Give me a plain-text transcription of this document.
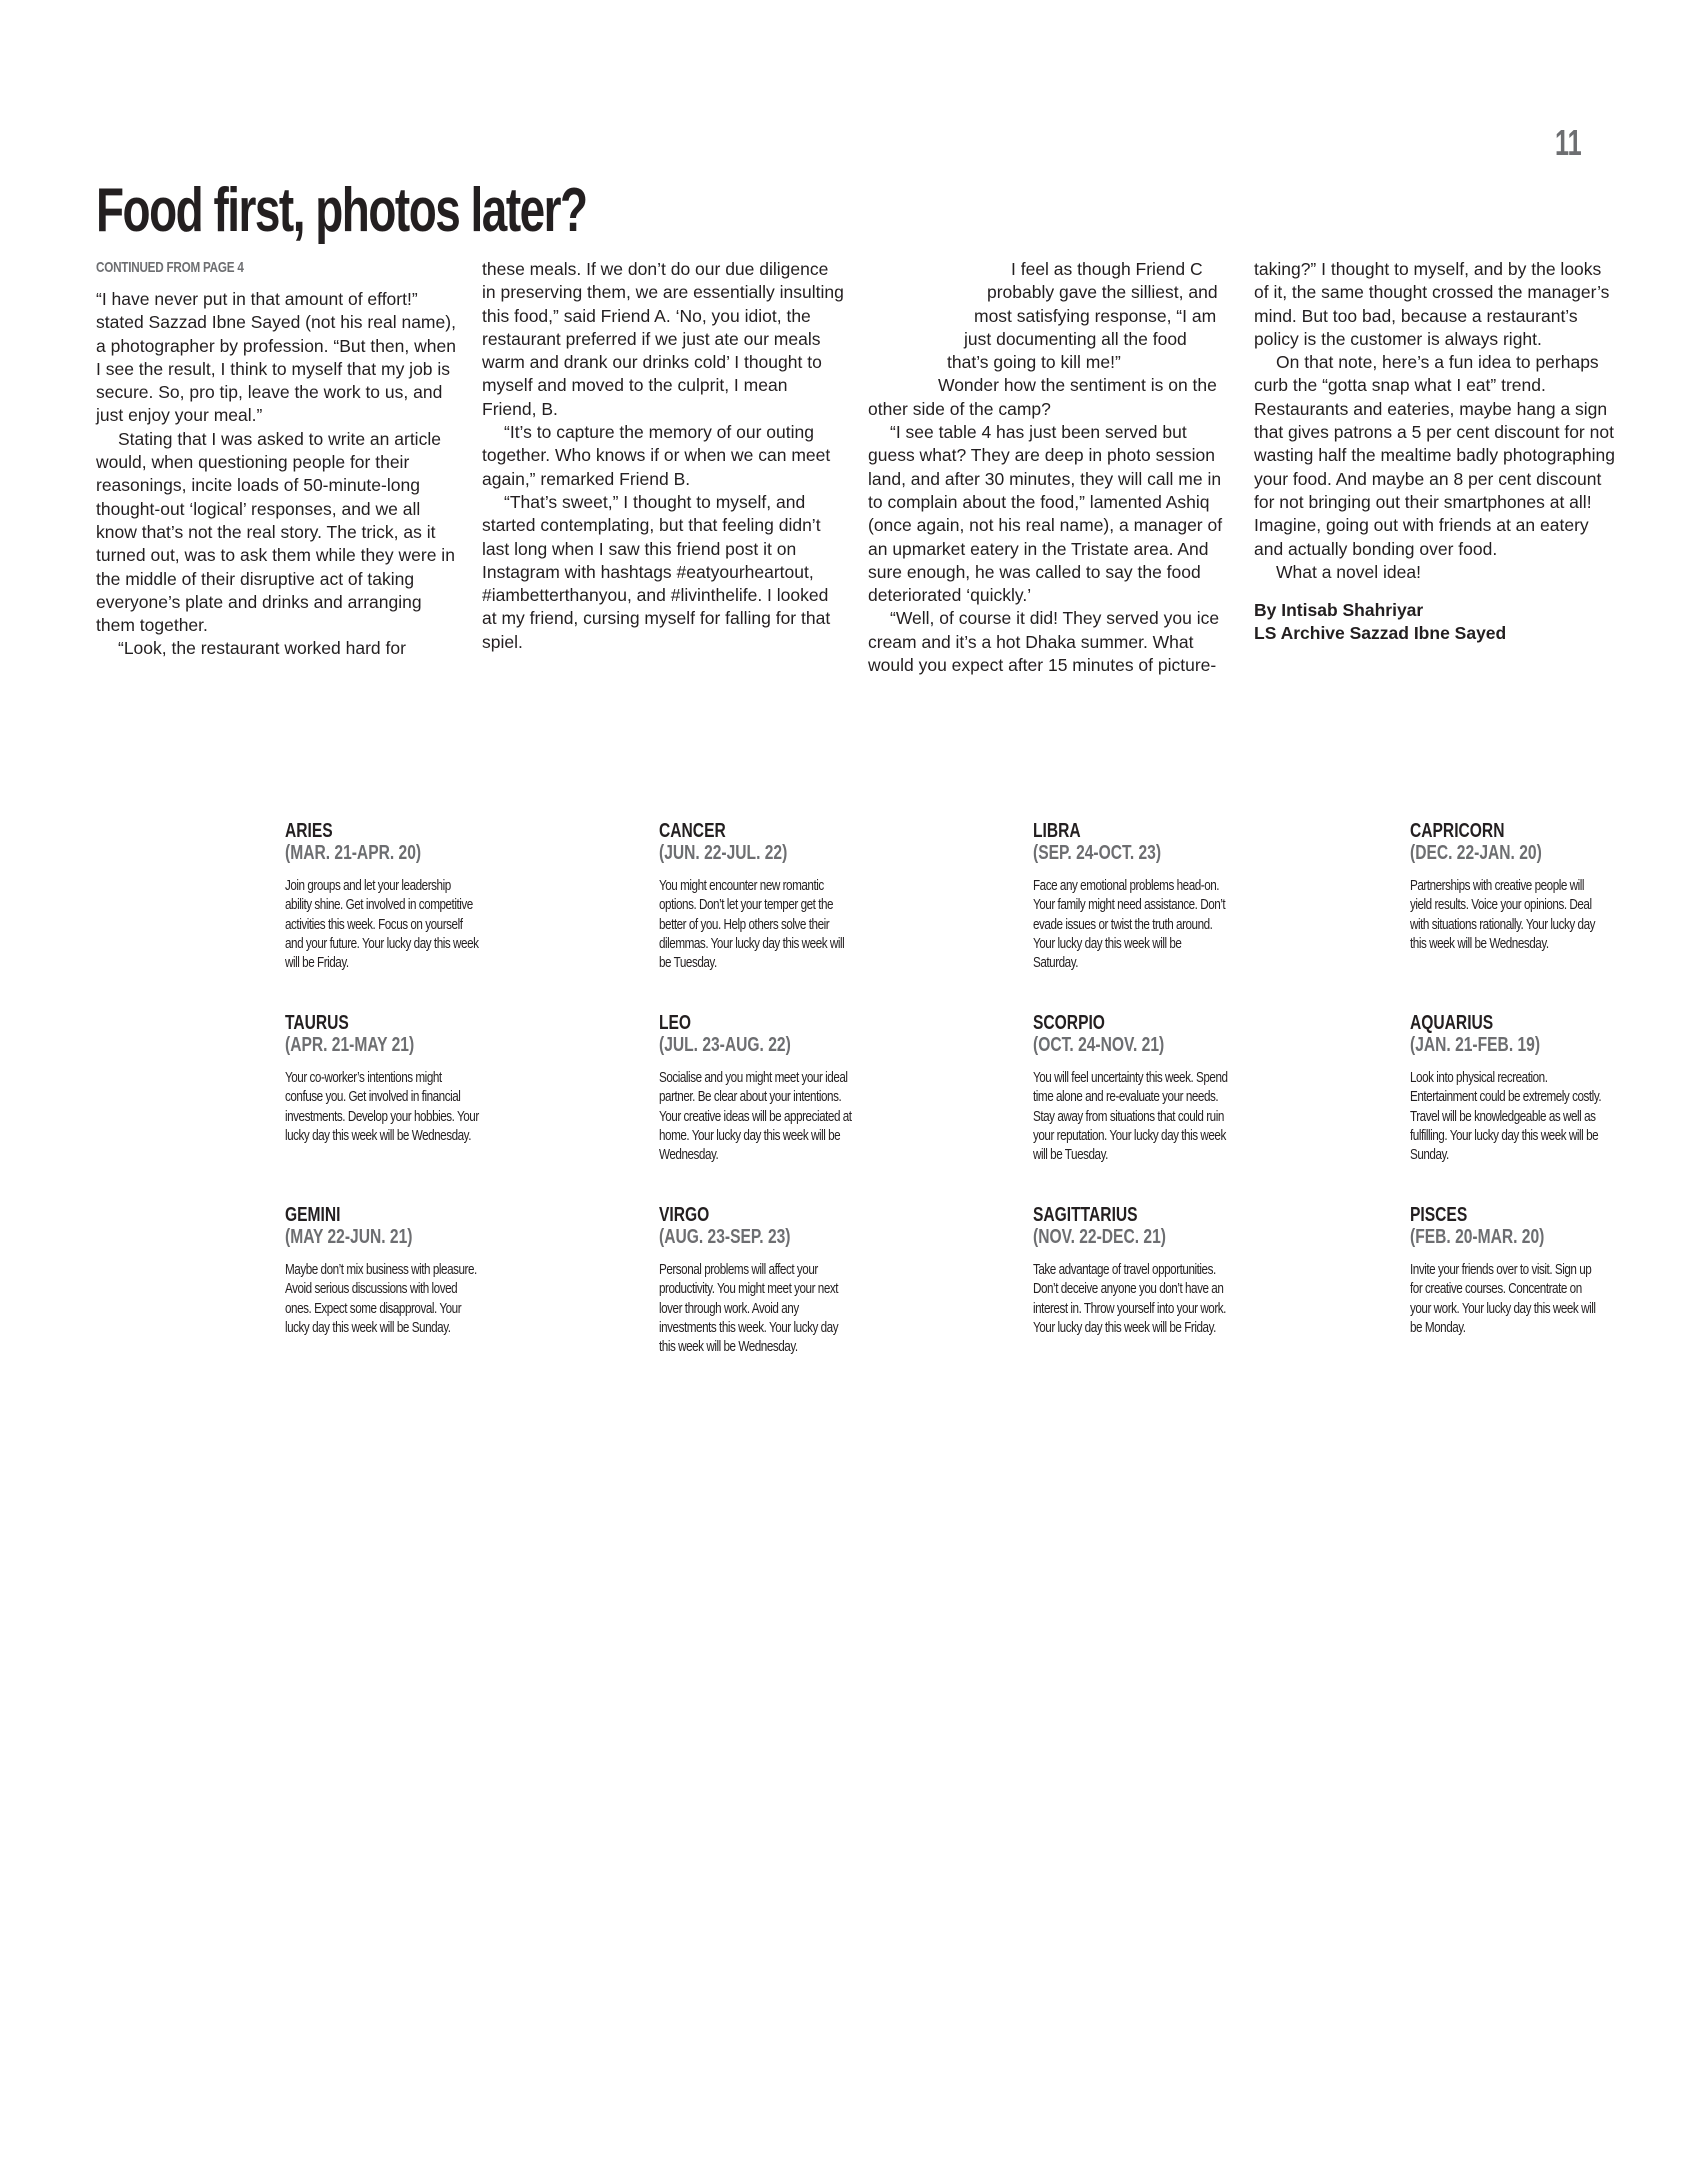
11
Food first, photos later?
CONTINUED FROM PAGE 4

“I have never put in that amount of effort!” stated Sazzad Ibne Sayed (not his real name), a photographer by profession. “But then, when I see the result, I think to myself that my job is secure. So, pro tip, leave the work to us, and just enjoy your meal.”

Stating that I was asked to write an article would, when questioning people for their reasonings, incite loads of 50-minute-long thought-out ‘logical’ responses, and we all know that’s not the real story. The trick, as it turned out, was to ask them while they were in the middle of their disruptive act of taking everyone’s plate and drinks and arranging them together.

“Look, the restaurant worked hard for

these meals. If we don’t do our due diligence in preserving them, we are essentially insulting this food,” said Friend A. ‘No, you idiot, the restaurant preferred if we just ate our meals warm and drank our drinks cold’ I thought to myself and moved to the culprit, I mean Friend, B.

“It’s to capture the memory of our outing together. Who knows if or when we can meet again,” remarked Friend B.

“That’s sweet,” I thought to myself, and started contemplating, but that feeling didn’t last long when I saw this friend post it on Instagram with hashtags #eatyourheartout, #iambetterthanyou, and #livinthelife. I looked at my friend, cursing myself for falling for that spiel.

I feel as though Friend C

probably gave the silliest, and

most satisfying response, “I am

just documenting all the food

that’s going to kill me!”

Wonder how the sentiment is on the

other side of the camp?

“I see table 4 has just been served but guess what? They are deep in photo session land, and after 30 minutes, they will call me in to complain about the food,” lamented Ashiq (once again, not his real name), a manager of an upmarket eatery in the Tristate area. And sure enough, he was called to say the food deteriorated ‘quickly.’

“Well, of course it did! They served you ice cream and it’s a hot Dhaka summer. What would you expect after 15 minutes of picture-

taking?” I thought to myself, and by the looks of it, the same thought crossed the manager’s mind. But too bad, because a restaurant’s policy is the customer is always right.

On that note, here’s a fun idea to perhaps curb the “gotta snap what I eat” trend. Restaurants and eateries, maybe hang a sign that gives patrons a 5 per cent discount for not wasting half the mealtime badly photographing your food. And maybe an 8 per cent discount for not bringing out their smartphones at all! Imagine, going out with friends at an eatery and actually bonding over food.

What a novel idea!

By Intisab Shahriyar
LS Archive Sazzad Ibne Sayed
ARIES
(MAR. 21-APR. 20)
Join groups and let your leadership ability shine. Get involved in competitive activities this week. Focus on yourself and your future. Your lucky day this week will be Friday.
TAURUS
(APR. 21-MAY 21)
Your co-worker’s intentions might confuse you. Get involved in financial investments. Develop your hobbies. Your lucky day this week will be Wednesday.
GEMINI
(MAY 22-JUN. 21)
Maybe don’t mix business with pleasure. Avoid serious discussions with loved ones. Expect some disapproval. Your lucky day this week will be Sunday.
CANCER
(JUN. 22-JUL. 22)
You might encounter new romantic options. Don’t let your temper get the better of you. Help others solve their dilemmas. Your lucky day this week will be Tuesday.
LEO
(JUL. 23-AUG. 22)
Socialise and you might meet your ideal partner. Be clear about your intentions. Your creative ideas will be appreciated at home. Your lucky day this week will be Wednesday.
VIRGO
(AUG. 23-SEP. 23)
Personal problems will affect your productivity. You might meet your next lover through work. Avoid any investments this week. Your lucky day this week will be Wednesday.
LIBRA
(SEP. 24-OCT. 23)
Face any emotional problems head-on. Your family might need assistance. Don’t evade issues or twist the truth around. Your lucky day this week will be Saturday.
SCORPIO
(OCT. 24-NOV. 21)
You will feel uncertainty this week. Spend time alone and re-evaluate your needs. Stay away from situations that could ruin your reputation. Your lucky day this week will be Tuesday.
SAGITTARIUS
(NOV. 22-DEC. 21)
Take advantage of travel opportunities. Don’t deceive anyone you don’t have an interest in. Throw yourself into your work. Your lucky day this week will be Friday.
CAPRICORN
(DEC. 22-JAN. 20)
Partnerships with creative people will yield results. Voice your opinions. Deal with situations rationally. Your lucky day this week will be Wednesday.
AQUARIUS
(JAN. 21-FEB. 19)
Look into physical recreation. Entertainment could be extremely costly. Travel will be knowledgeable as well as fulfilling. Your lucky day this week will be Sunday.
PISCES
(FEB. 20-MAR. 20)
Invite your friends over to visit. Sign up for creative courses. Concentrate on your work. Your lucky day this week will be Monday.
